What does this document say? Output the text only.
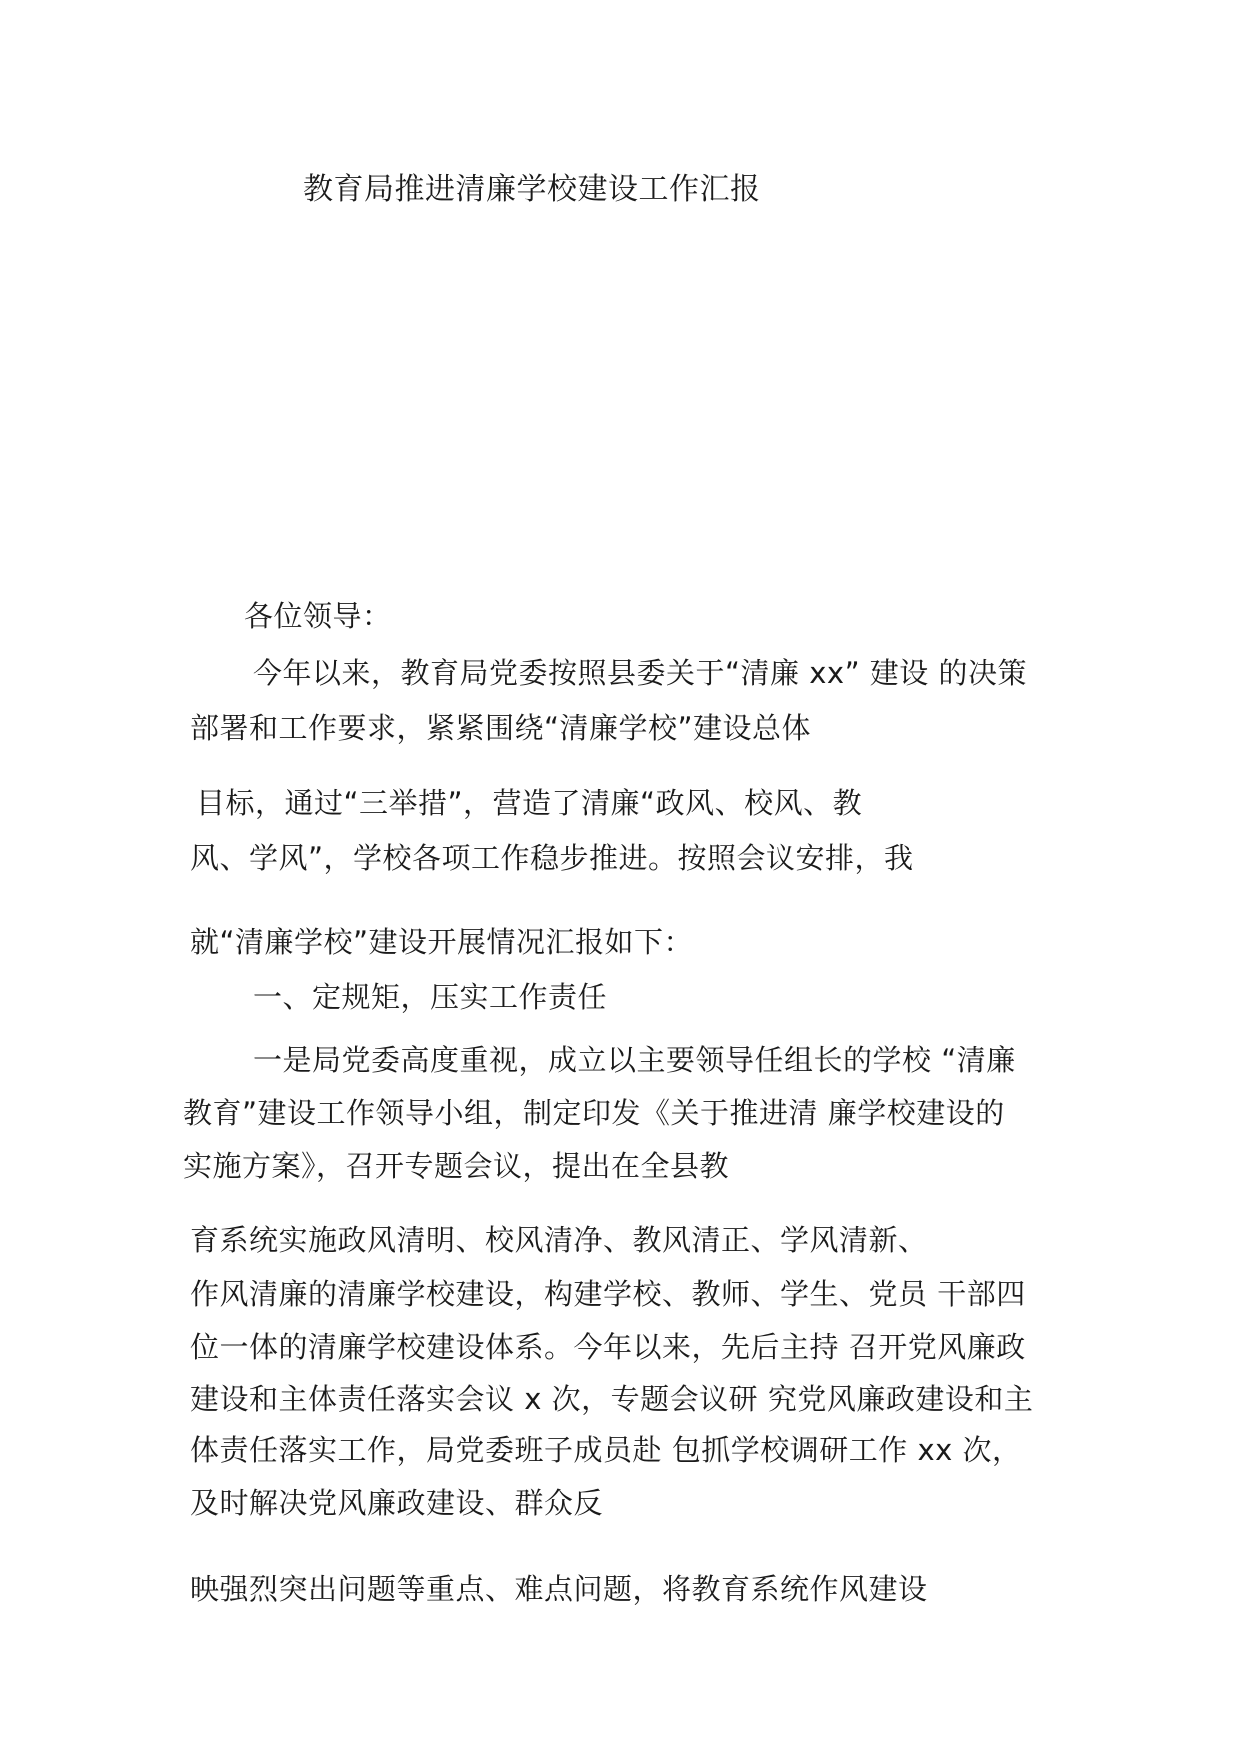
教育局推进清廉学校建设工作汇报
各位领导：
今年以来，教育局党委按照县委关于“清廉 xx” 建设 的决策
部署和工作要求，紧紧围绕“清廉学校”建设总体
目标，通过“三举措”，营造了清廉“政风、校风、教
风、学风”，学校各项工作稳步推进。按照会议安排，我
就“清廉学校”建设开展情况汇报如下：
一、定规矩，压实工作责任
一是局党委高度重视，成立以主要领导任组长的学校 “清廉
教育”建设工作领导小组，制定印发《关于推进清 廉学校建设的
实施方案》，召开专题会议，提出在全县教
育系统实施政风清明、校风清净、教风清正、学风清新、
作风清廉的清廉学校建设，构建学校、教师、学生、党员 干部四
位一体的清廉学校建设体系。今年以来，先后主持 召开党风廉政
建设和主体责任落实会议 x 次，专题会议研 究党风廉政建设和主
体责任落实工作，局党委班子成员赴 包抓学校调研工作 xx 次，
及时解决党风廉政建设、群众反
映强烈突出问题等重点、难点问题，将教育系统作风建设
